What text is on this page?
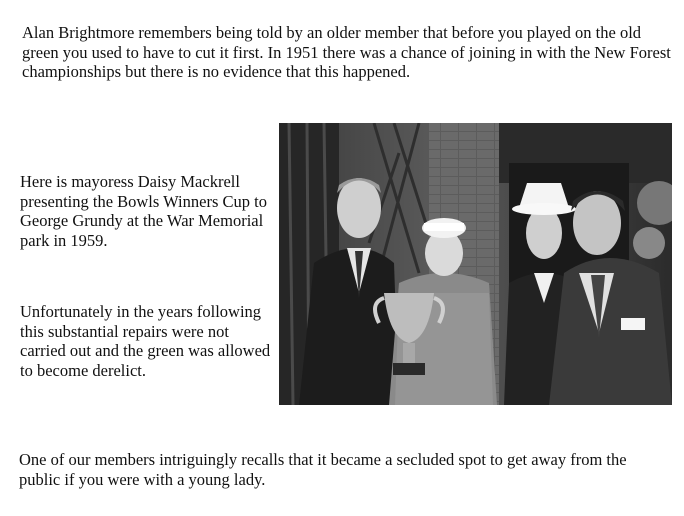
Alan Brightmore remembers being told by an older member that before you played on the old green you used to have to cut it first. In 1951 there was a chance of joining in with the New Forest championships but there is no evidence that this happened.

Here is mayoress Daisy Mackrell presenting the Bowls Winners Cup to George Grundy at the War Memorial park in 1959.

Unfortunately in the years following this substantial repairs were not carried out and the green was allowed to become derelict.

One of our members intriguingly recalls that it became a secluded spot to get away from the public if you were with a young lady.
